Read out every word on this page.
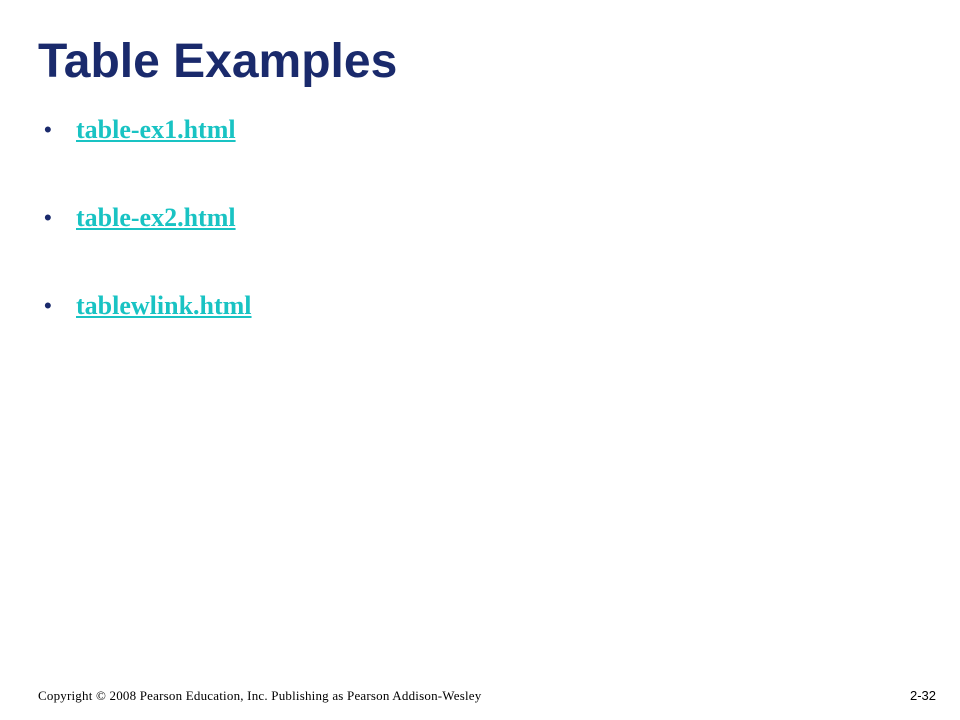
Table Examples
• table-ex1.html
• table-ex2.html
• tablewlink.html
Copyright © 2008 Pearson Education, Inc. Publishing as Pearson Addison-Wesley	2-32
